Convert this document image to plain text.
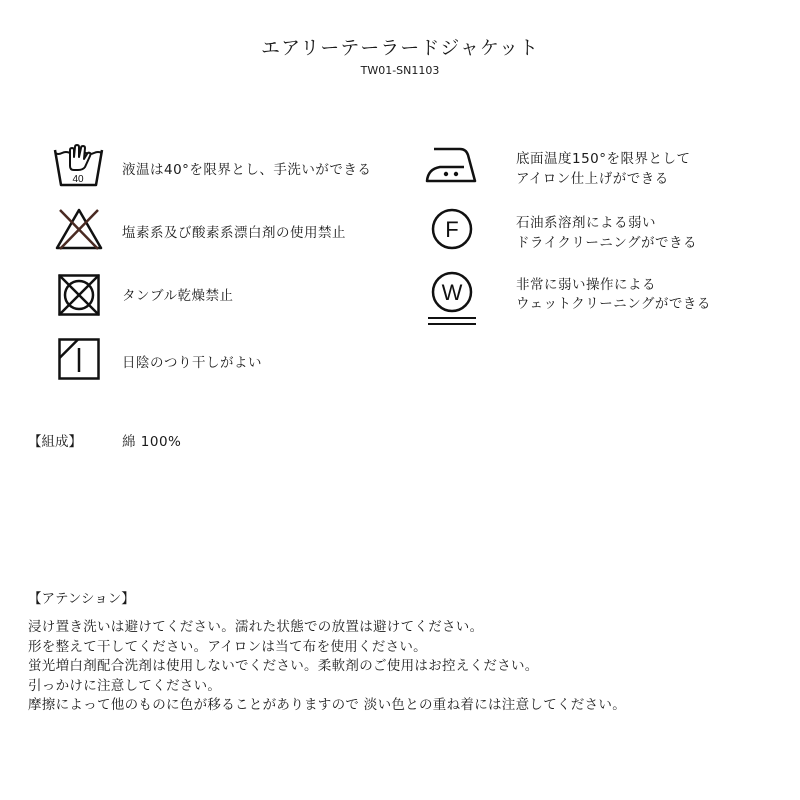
エアリーテーラードジャケット
TW01-SN1103
40
液温は40°を限界とし、手洗いができる
塩素系及び酸素系漂白剤の使用禁止
タンブル乾燥禁止
日陰のつり干しがよい
底面温度150°を限界として
アイロン仕上げができる
F	石油系溶剤による弱い
ドライクリーニングができる
W	非常に弱い操作による
ウェットクリーニングができる
【組成】	綿 100%
【アテンション】
浸け置き洗いは避けてください。濡れた状態での放置は避けてください。
形を整えて干してください。アイロンは当て布を使用ください。
蛍光増白剤配合洗剤は使用しないでください。柔軟剤のご使用はお控えください。
引っかけに注意してください。
摩擦によって他のものに色が移ることがありますので 淡い色との重ね着には注意してください。
